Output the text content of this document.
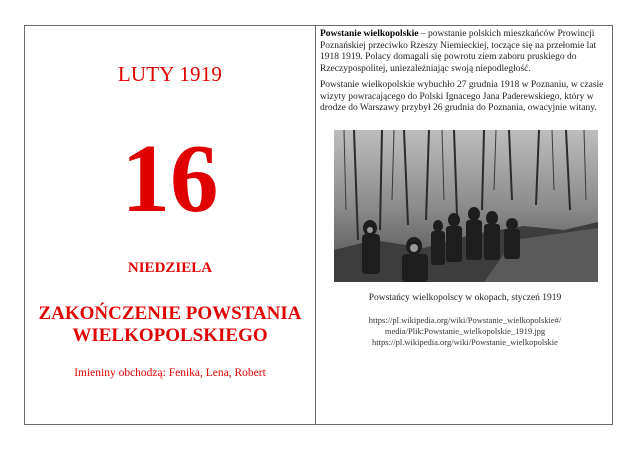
LUTY 1919
16
NIEDZIELA
ZAKOŃCZENIE POWSTANIA
WIELKOPOLSKIEGO
Imieniny obchodzą: Fenika, Lena, Robert
Powstanie wielkopolskie – powstanie polskich mieszkańców Prowincji Poznańskiej przeciwko Rzeszy Niemieckiej, toczące się na przełomie lat 1918 1919. Polacy domagali się powrotu ziem zaboru pruskiego do Rzeczypospolitej, uniezależniając swoją niepodległość.
Powstanie wielkopolskie wybuchło 27 grudnia 1918 w Poznaniu, w czasie wizyty powracającego do Polski Ignacego Jana Paderewskiego, który w drodze do Warszawy przybył 26 grudnia do Poznania, owacyjnie witany.
Powstańcy wielkopolscy w okopach, styczeń 1919
https://pl.wikipedia.org/wiki/Powstanie_wielkopolskie#/
media/Plik:Powstanie_wielkopolskie_1919.jpg
https://pl.wikipedia.org/wiki/Powstanie_wielkopolskie
